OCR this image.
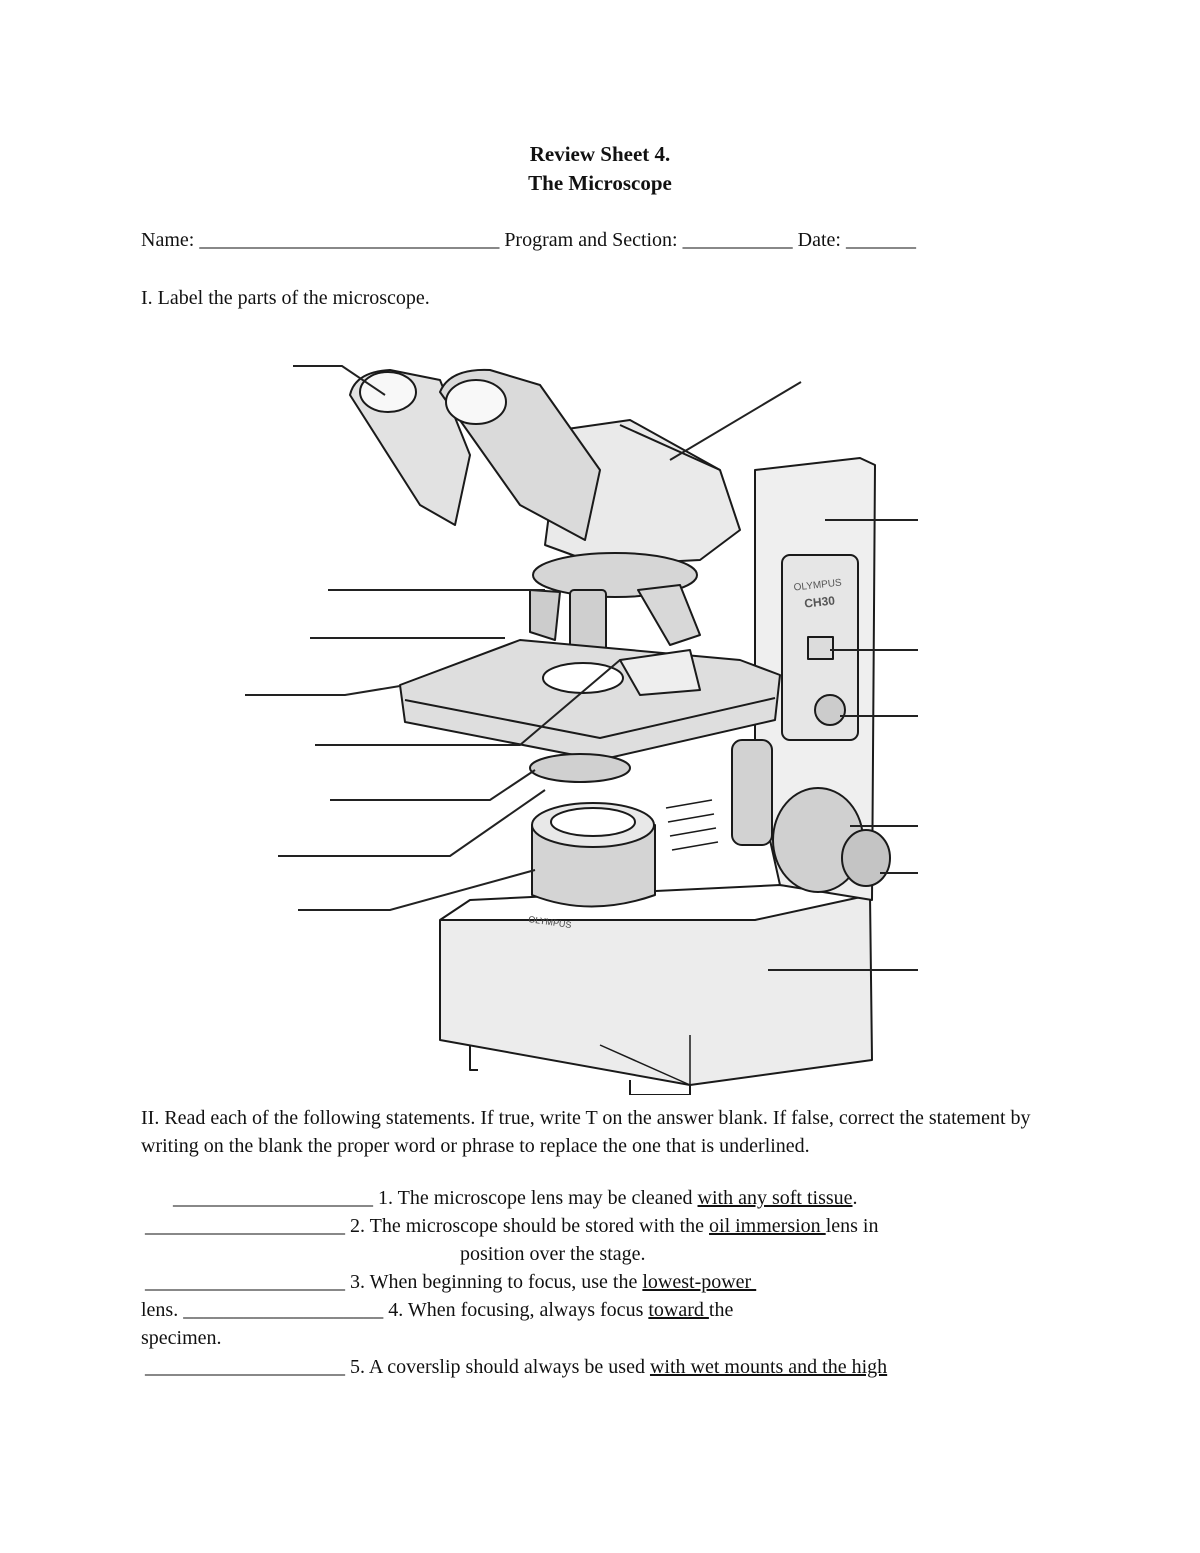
Review Sheet 4.
The Microscope
Name: ______________________________ Program and Section: ___________ Date: _______
I. Label the parts of the microscope.
OLYMPUS
CH30
OLYMPUS
II. Read each of the following statements. If true, write T on the answer blank. If false, correct the statement by writing on the blank the proper word or phrase to replace the one that is underlined.
____________________ 1. The microscope lens may be cleaned with any soft tissue.
____________________ 2. The microscope should be stored with the oil immersion lens in
position over the stage.
____________________ 3. When beginning to focus, use the lowest-power
lens. ____________________ 4. When focusing, always focus toward the
specimen.
____________________ 5. A coverslip should always be used with wet mounts and the high
